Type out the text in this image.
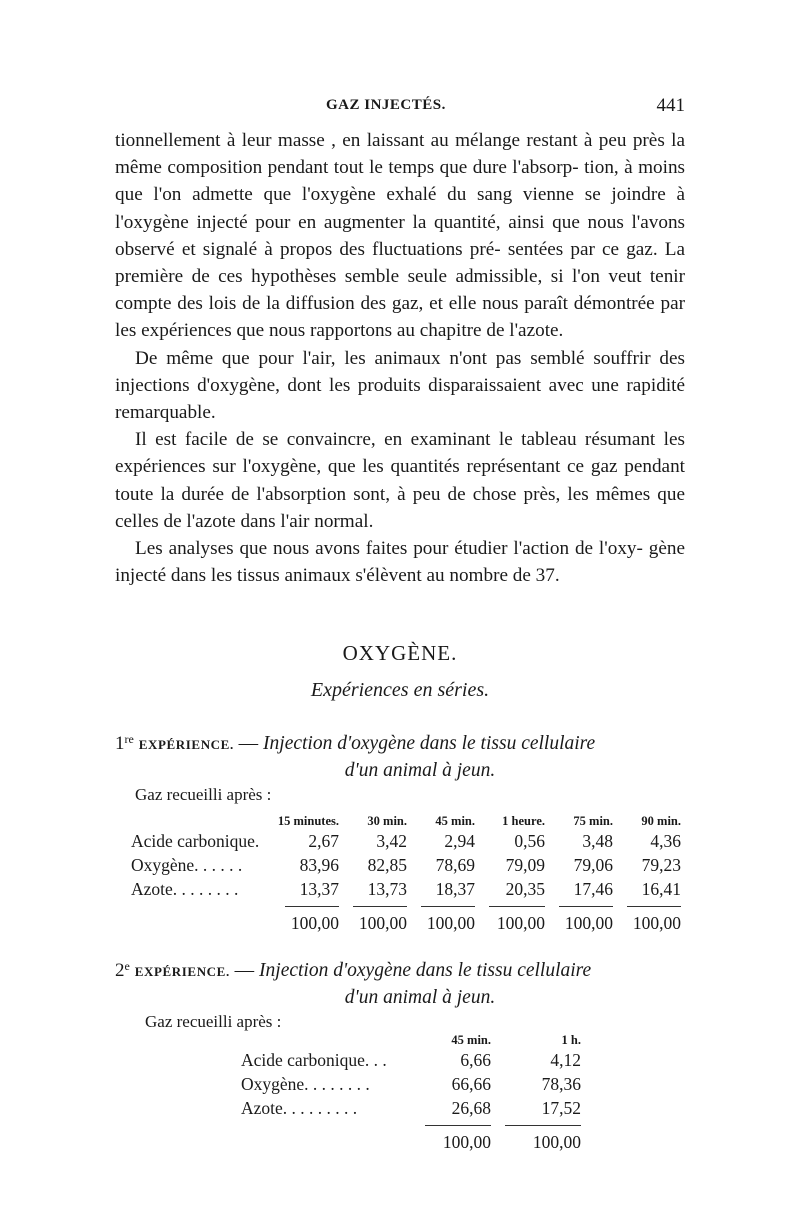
GAZ INJECTÉS.	441

tionnellement à leur masse , en laissant au mélange restant à peu près la même composition pendant tout le temps que dure l'absorp- tion, à moins que l'on admette que l'oxygène exhalé du sang vienne se joindre à l'oxygène injecté pour en augmenter la quantité, ainsi que nous l'avons observé et signalé à propos des fluctuations pré- sentées par ce gaz. La première de ces hypothèses semble seule admissible, si l'on veut tenir compte des lois de la diffusion des gaz, et elle nous paraît démontrée par les expériences que nous rapportons au chapitre de l'azote.

De même que pour l'air, les animaux n'ont pas semblé souffrir des injections d'oxygène, dont les produits disparaissaient avec une rapidité remarquable.

Il est facile de se convaincre, en examinant le tableau résumant les expériences sur l'oxygène, que les quantités représentant ce gaz pendant toute la durée de l'absorption sont, à peu de chose près, les mêmes que celles de l'azote dans l'air normal.

Les analyses que nous avons faites pour étudier l'action de l'oxy- gène injecté dans les tissus animaux s'élèvent au nombre de 37.

OXYGÈNE.
Expériences en séries.
1re EXPÉRIENCE. — Injection d'oxygène dans le tissu cellulaire
d'un animal à jeun.
Gaz recueilli après :
	15 minutes.	30 min.	45 min.	1 heure.	75 min.	90 min.
Acide carbonique.	2,67	3,42	2,94	0,56	3,48	4,36
Oxygène. . . . . .	83,96	82,85	78,69	79,09	79,06	79,23
Azote. . . . . . . .	13,37	13,73	18,37	20,35	17,46	16,41

	100,00	100,00	100,00	100,00	100,00	100,00
2e EXPÉRIENCE. — Injection d'oxygène dans le tissu cellulaire
d'un animal à jeun.
Gaz recueilli après :
	45 min.	1 h.
Acide carbonique. . .	6,66	4,12
Oxygène. . . . . . . .	66,66	78,36
Azote. . . . . . . . .	26,68	17,52

	100,00	100,00
